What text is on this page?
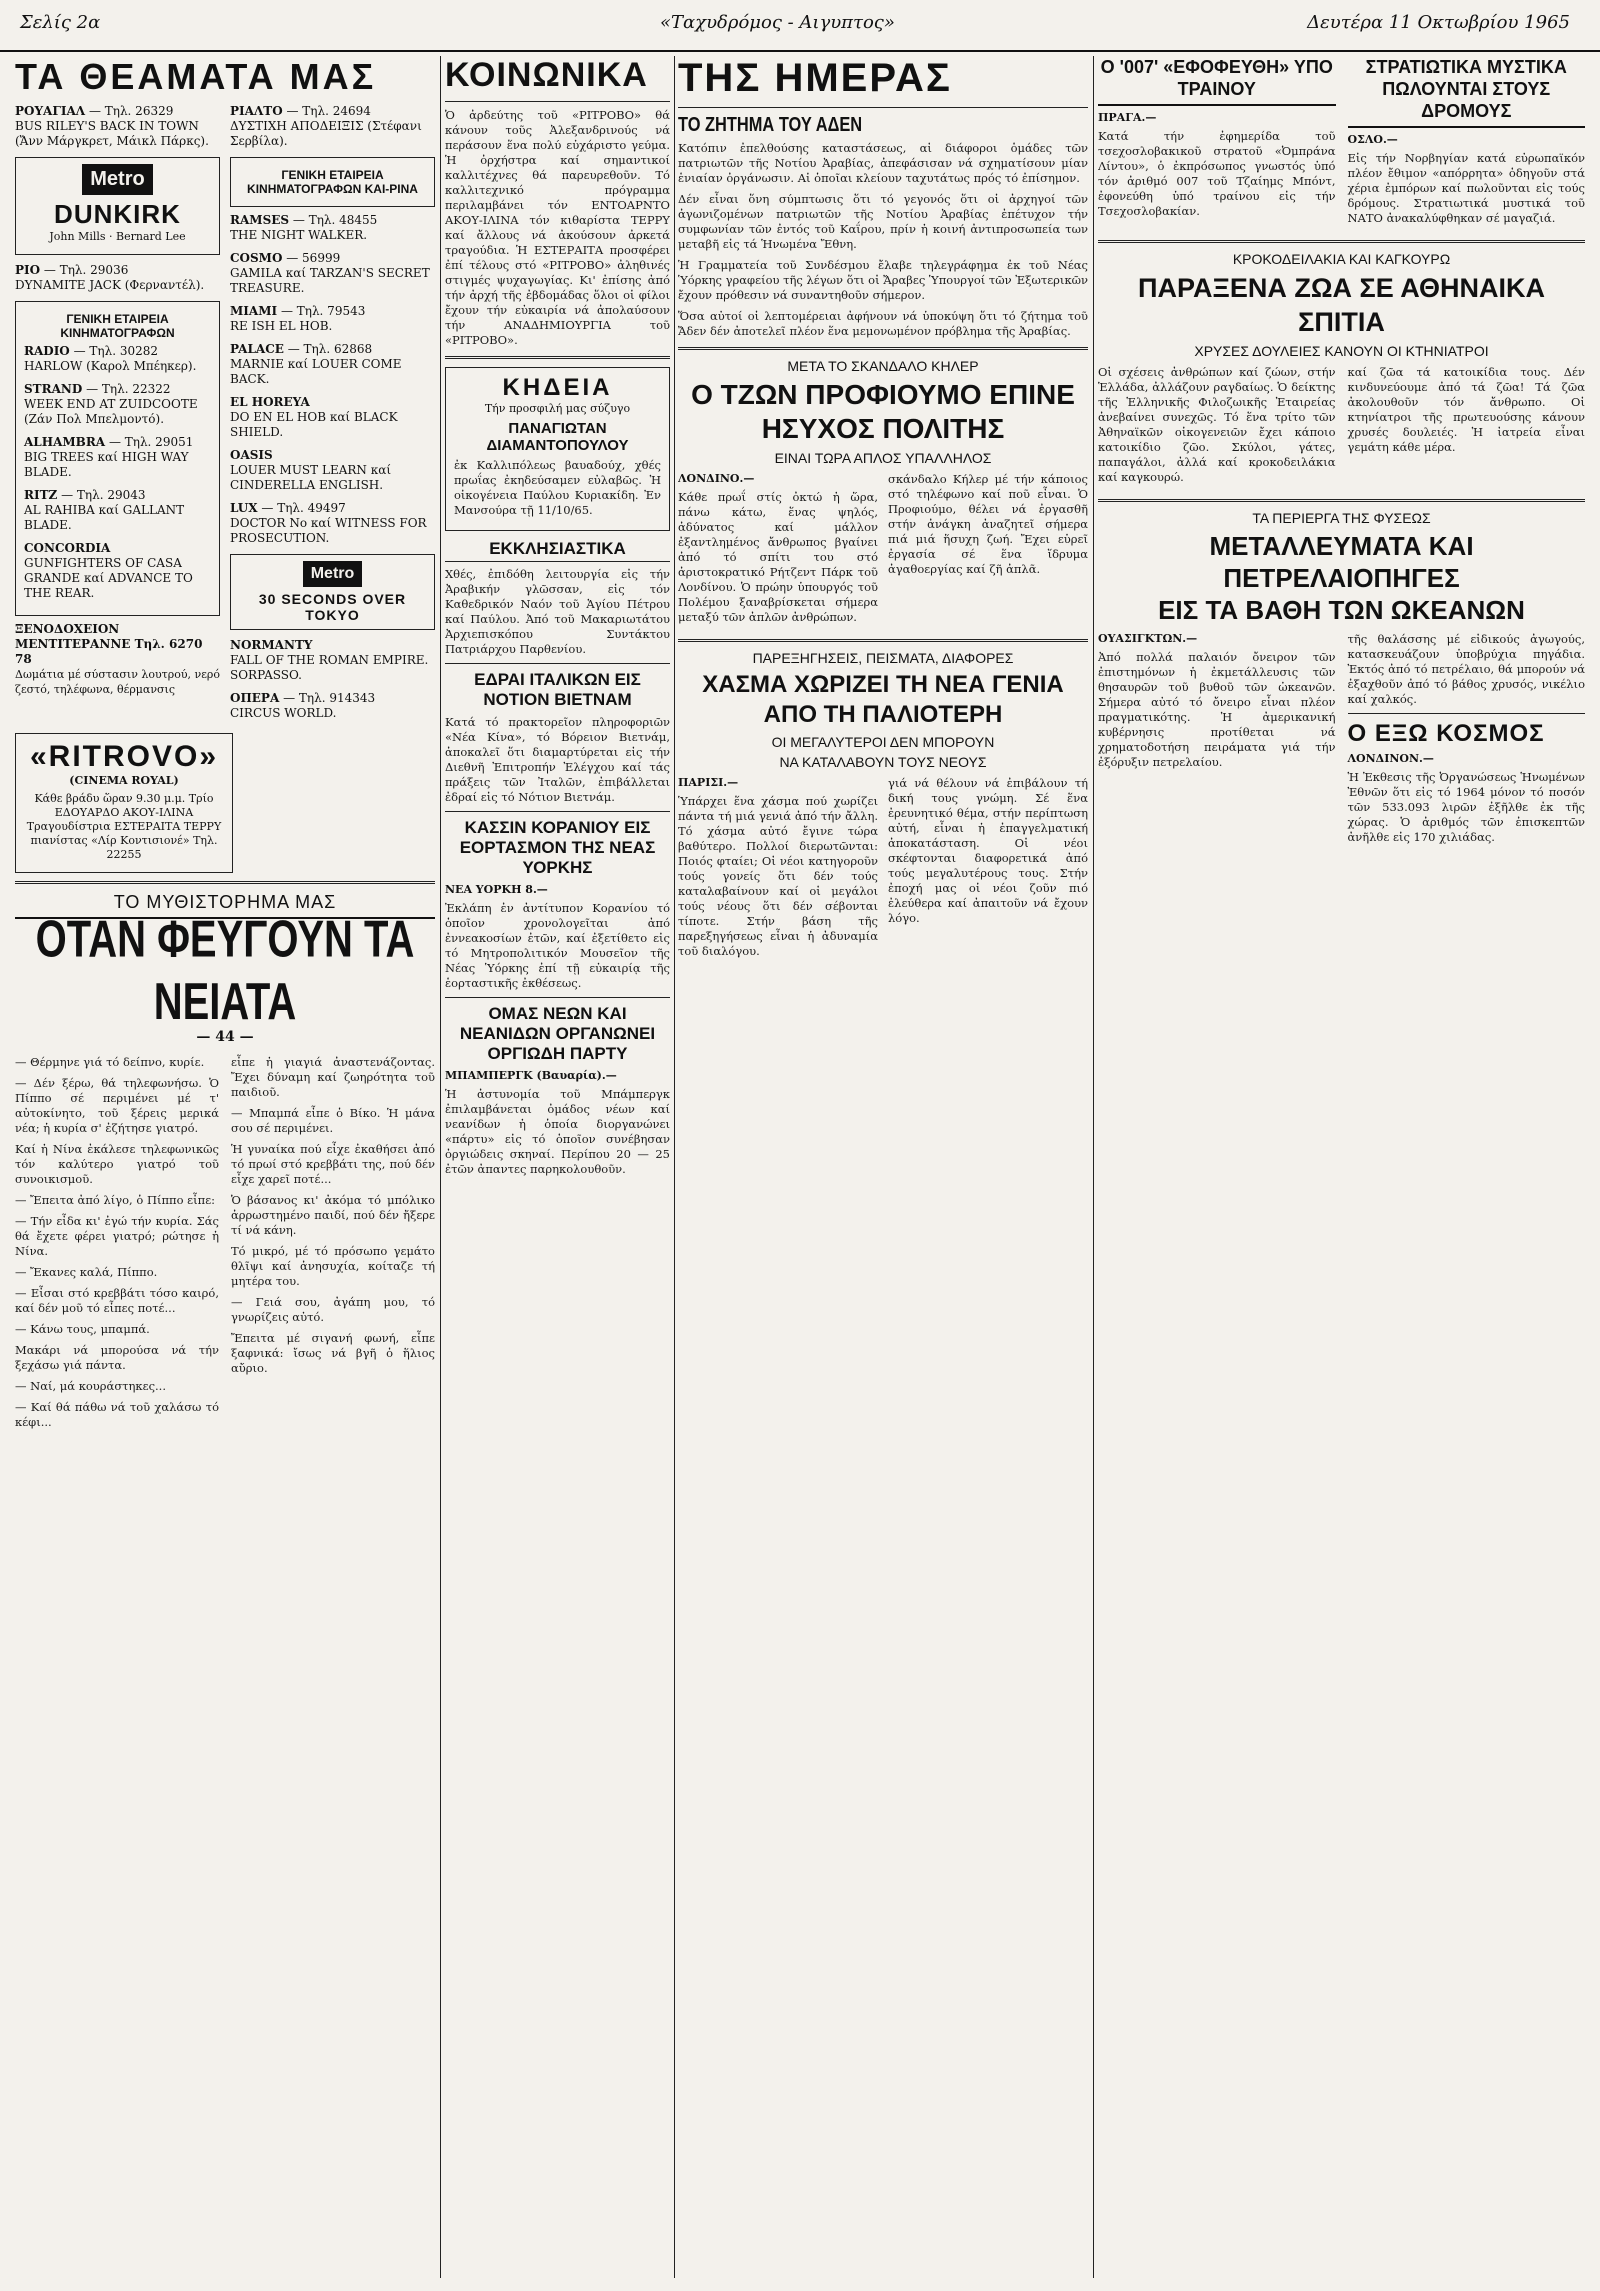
Σελίς 2α	«Ταχυδρόμος - Αιγυπτος»	Δευτέρα 11 Οκτωβρίου 1965
ΤΑ ΘΕΑΜΑΤΑ ΜΑΣ
ΡΟΥΑΓΙΑΛ — Τηλ. 26329
BUS RILEY'S BACK IN TOWN (Ἄνν Μάργκρετ, Μάικλ Πάρκς).
Metro
DUNKIRK
John Mills · Bernard Lee
ΡΙΟ — Τηλ. 29036
DYNAMITE JACK (Φερναντέλ).
ΓΕΝΙΚΗ ΕΤΑΙΡΕΙΑ ΚΙΝΗΜΑΤΟΓΡΑΦΩΝ
RADIO — Τηλ. 30282
HARLOW (Καρολ Μπέηκερ).
STRAND — Τηλ. 22322
WEEK END AT ZUIDCOOTE (Ζάν Πολ Μπελμοντό).
ALHAMBRA — Τηλ. 29051
BIG TREES καί HIGH WAY BLADE.
RITZ — Τηλ. 29043
AL RAHIBA καί GALLANT BLADE.
CONCORDIA
GUNFIGHTERS OF CASA GRANDE καί ADVANCE TO THE REAR.
ΞΕΝΟΔΟΧΕΙΟΝ ΜΕΝΤΙΤΕΡΑΝΝΕ Τηλ. 6270 78
Δωμάτια μέ σύστασιν λουτρού, νερό ζεστό, τηλέφωνα, θέρμανσις
ΡΙΑΛΤΟ — Τηλ. 24694
ΔΥΣΤΙΧΗ ΑΠΟΔΕΙΞΙΣ (Στέφανι Σερβίλα).
ΓΕΝΙΚΗ ΕΤΑΙΡΕΙΑ ΚΙΝΗΜΑΤΟΓΡΑΦΩΝ ΚΑΙ-ΡΙΝΑ
RAMSES — Τηλ. 48455
THE NIGHT WALKER.
COSMO — 56999
GAMILA καί TARZAN'S SECRET TREASURE.
MIAMI — Τηλ. 79543
RE ISH EL HOB.
PALACE — Τηλ. 62868
MARNIE καί LOUER COME BACK.
EL HOREYA
DO EN EL HOB καί BLACK SHIELD.
OASIS
LOUER MUST LEARN καί CINDERELLA ENGLISH.
LUX — Τηλ. 49497
DOCTOR No καί WITNESS FOR PROSECUTION.
Metro
30 SECONDS OVER TOKYO
NORMANTY
FALL OF THE ROMAN EMPIRE. SORPASSO.
ΟΠΕΡΑ — Τηλ. 914343
CIRCUS WORLD.
«RITROVO»
(CINEMA ROYAL)
Κάθε βράδυ ὥραν 9.30 μ.μ. Τρίο ΕΔΟΥΑΡΔΟ ΑΚΟΥ-ΙΛΙΝΑ Τραγουδίστρια ΕΣΤΕΡΑΙΤΑ ΤΕΡΡΥ πιανίστας «Λίρ Κοντισιονέ» Τηλ. 22255
ΤΟ ΜΥΘΙΣΤΟΡΗΜΑ ΜΑΣ
ΟΤΑΝ ΦΕΥΓΟΥΝ ΤΑ ΝΕΙΑΤΑ
— 44 —

— Θέρμηνε γιά τό δείπνο, κυρίε.

— Δέν ξέρω, θά τηλεφωνήσω. Ὁ Πίππο σέ περιμένει μέ τ' αὐτοκίνητο, τοῦ ξέρεις μερικά νέα; ἡ κυρία σ' ἐζήτησε γιατρό.

Καί ἡ Νίνα ἐκάλεσε τηλεφωνικῶς τόν καλύτερο γιατρό τοῦ συνοικισμοῦ.

— Ἔπειτα ἀπό λίγο, ὁ Πίππο εἶπε:

— Τήν εἶδα κι' ἐγώ τήν κυρία. Σάς θά ἔχετε φέρει γιατρό; ρώτησε ἡ Νίνα.

— Ἔκανες καλά, Πίππο.

— Εἶσαι στό κρεββάτι τόσο καιρό, καί δέν μοῦ τό εἶπες ποτέ...

— Κάνω τους, μπαμπά.

Μακάρι νά μπορούσα νά τήν ξεχάσω γιά πάντα.

— Ναί, μά κουράστηκες...

— Καί θά πάθω νά τοῦ χαλάσω τό κέφι...

εἶπε ἡ γιαγιά ἀναστενάζοντας. Ἔχει δύναμη καί ζωηρότητα τοῦ παιδιοῦ.

— Μπαμπά εἶπε ὁ Βίκο. Ἡ μάνα σου σέ περιμένει.

Ἡ γυναίκα πού εἶχε ἐκαθήσει ἀπό τό πρωί στό κρεββάτι της, πού δέν εἶχε χαρεῖ ποτέ...

Ὁ βάσανος κι' ἀκόμα τό μπόλικο ἀρρωστημένο παιδί, πού δέν ἤξερε τί νά κάνη.

Τό μικρό, μέ τό πρόσωπο γεμάτο θλῖψι καί ἀνησυχία, κοίταζε τή μητέρα του.

— Γειά σου, ἀγάπη μου, τό γνωρίζεις αὐτό.

Ἔπειτα μέ σιγανή φωνή, εἶπε ξαφνικά: ἴσως νά βγῆ ὁ ἥλιος αὔριο.

ΚΟΙΝΩΝΙΚΑ

Ὁ ἀρδεύτης τοῦ «ΡΙΤΡΟΒΟ» θά κάνουν τοῦς Ἀλεξανδρινούς νά περάσουν ἕνα πολύ εὐχάριστο γεύμα. Ἡ ὀρχήστρα καί σημαντικοί καλλιτέχνες θά παρευρεθοῦν. Τό καλλιτεχνικό πρόγραμμα περιλαμβάνει τόν ΕΝΤΟΑΡΝΤΟ ΑΚΟΥ-ΙΛΙΝΑ τόν κιθαρίστα ΤΕΡΡΥ καί ἄλλους νά ἀκούσουν ἀρκετά τραγούδια. Ἡ ΕΣΤΕΡΑΙΤΑ προσφέρει ἐπί τέλους στό «ΡΙΤΡΟΒΟ» ἀληθινές στιγμές ψυχαγωγίας. Κι' ἐπίσης ἀπό τήν ἀρχή τῆς ἐβδομάδας ὅλοι οἱ φίλοι ἔχουν τήν εὐκαιρία νά ἀπολαύσουν τήν ΑΝΑΔΗΜΙΟΥΡΓΙΑ τοῦ «ΡΙΤΡΟΒΟ».

ΚΗΔΕΙΑ
Τήν προσφιλή μας σύζυγο
ΠΑΝΑΓΙΩΤΑΝ ΔΙΑΜΑΝΤΟΠΟΥΛΟΥ

ἐκ Καλλιπόλεως βαυαδούχ, χθές πρωΐας ἐκηδεύσαμεν εὐλαβῶς. Ἡ οἰκογένεια Παύλου Κυριακίδη. Ἐν Μανσούρα τῇ 11/10/65.

ΕΚΚΛΗΣΙΑΣΤΙΚΑ

Χθές, ἐπιδόθη λειτουργία εἰς τήν Ἀραβικήν γλῶσσαν, εἰς τόν Καθεδρικόν Ναόν τοῦ Ἁγίου Πέτρου καί Παύλου. Ἀπό τοῦ Μακαριωτάτου Ἀρχιεπισκόπου Συντάκτου Πατριάρχου Παρθενίου.

ΕΔΡΑΙ ΙΤΑΛΙΚΩΝ ΕΙΣ ΝΟΤΙΟΝ ΒΙΕΤΝΑΜ

Κατά τό πρακτορεῖον πληροφοριῶν «Νέα Κίνα», τό Βόρειον Βιετνάμ, ἀποκαλεῖ ὅτι διαμαρτύρεται εἰς τήν Διεθνῆ Ἐπιτροπήν Ἐλέγχου καί τάς πράξεις τῶν Ἰταλῶν, ἐπιβάλλεται ἐδραί εἰς τό Νότιον Βιετνάμ.

ΚΑΣΣΙΝ ΚΟΡΑΝΙΟΥ ΕΙΣ ΕΟΡΤΑΣΜΟΝ ΤΗΣ ΝΕΑΣ ΥΟΡΚΗΣ
ΝΕΑ ΥΟΡΚΗ 8.—

Ἐκλάπη ἐν ἀντίτυπον Κορανίου τό ὁποῖον χρονολογεῖται ἀπό ἐννεακοσίων ἐτῶν, καί ἐξετίθετο εἰς τό Μητροπολιτικόν Μουσεῖον τῆς Νέας Ὑόρκης ἐπί τῇ εὐκαιρίᾳ τῆς ἑορταστικῆς ἐκθέσεως.

ΟΜΑΣ ΝΕΩΝ ΚΑΙ ΝΕΑΝΙΔΩΝ ΟΡΓΑΝΩΝΕΙ ΟΡΓΙΩΔΗ ΠΑΡΤΥ
ΜΠΑΜΠΕΡΓΚ (Βαυαρία).—

Ἡ ἀστυνομία τοῦ Μπάμπεργκ ἐπιλαμβάνεται ὀμάδος νέων καί νεανίδων ἡ ὁποία διοργανώνει «πάρτυ» εἰς τό ὁποῖον συνέβησαν ὀργιώδεις σκηναί. Περίπου 20 — 25 ἐτῶν ἀπαντες παρηκολουθοῦν.

ΤΗΣ ΗΜΕΡΑΣ
ΤΟ ΖΗΤΗΜΑ ΤΟΥ ΑΔΕΝ

Κατόπιν ἐπελθούσης καταστάσεως, αἱ διάφοροι ὁμάδες τῶν πατριωτῶν τῆς Νοτίου Ἀραβίας, ἀπεφάσισαν νά σχηματίσουν μίαν ἑνιαίαν ὀργάνωσιν. Αἱ ὁποῖαι κλείουν ταχυτάτως πρός τό ἐπίσημον.

Δέν εἶναι ὅνη σύμπτωσις ὅτι τό γεγονός ὅτι οἱ ἀρχηγοί τῶν ἀγωνιζομένων πατριωτῶν τῆς Νοτίου Ἀραβίας ἐπέτυχον τήν συμφωνίαν τῶν ἐντός τοῦ Καΐρου, πρίν ἡ κοινή ἀντιπροσωπεία των μεταβῆ εἰς τά Ἡνωμένα Ἔθνη.

Ἡ Γραμματεία τοῦ Συνδέσμου ἔλαβε τηλεγράφημα ἐκ τοῦ Νέας Ὑόρκης γραφείου τῆς λέγων ὅτι οἱ Ἄραβες Ὑπουργοί τῶν Ἐξωτερικῶν ἔχουν πρόθεσιν νά συναντηθοῦν σήμερον.

Ὅσα αὐτοί οἱ λεπτομέρειαι ἀφήνουν νά ὑποκύψη ὅτι τό ζήτημα τοῦ Ἄδεν δέν ἀποτελεῖ πλέον ἕνα μεμονωμένον πρόβλημα τῆς Ἀραβίας.

ΜΕΤΑ ΤΟ ΣΚΑΝΔΑΛΟ ΚΗΛΕΡ
Ο ΤΖΩΝ ΠΡΟΦΙΟΥΜΟ ΕΠΙΝΕ ΗΣΥΧΟΣ ΠΟΛΙΤΗΣ
ΕΙΝΑΙ ΤΩΡΑ ΑΠΛΟΣ ΥΠΑΛΛΗΛΟΣ
ΛΟΝΔΙΝΟ.—

Κάθε πρωΐ στίς ὀκτώ ἡ ὥρα, πάνω κάτω, ἕνας ψηλός, ἀδύνατος καί μάλλον ἐξαντλημένος ἄνθρωπος βγαίνει ἀπό τό σπίτι του στό ἀριστοκρατικό Ρήτζεντ Πάρκ τοῦ Λονδίνου. Ὁ πρώην ὑπουργός τοῦ Πολέμου ξαναβρίσκεται σήμερα μεταξύ τῶν ἀπλῶν ἀνθρώπων.

σκάνδαλο Κήλερ μέ τήν κάποιος στό τηλέφωνο καί ποῦ εἶναι. Ὁ Προφιούμο, θέλει νά ἐργασθῆ στήν ἀνάγκη ἀναζητεῖ σήμερα πιά μιά ἥσυχη ζωή. Ἔχει εὑρεῖ ἐργασία σέ ἕνα ἵδρυμα ἀγαθοεργίας καί ζῆ ἀπλᾶ.

ΠΑΡΕΞΗΓΗΣΕΙΣ, ΠΕΙΣΜΑΤΑ, ΔΙΑΦΟΡΕΣ
ΧΑΣΜΑ ΧΩΡΙΖΕΙ ΤΗ ΝΕΑ ΓΕΝΙΑ ΑΠΟ ΤΗ ΠΑΛΙΟΤΕΡΗ
ΟΙ ΜΕΓΑΛΥΤΕΡΟΙ ΔΕΝ ΜΠΟΡΟΥΝ
ΝΑ ΚΑΤΑΛΑΒΟΥΝ ΤΟΥΣ ΝΕΟΥΣ
ΠΑΡΙΣΙ.—

Ὑπάρχει ἕνα χάσμα πού χωρίζει πάντα τή μιά γενιά ἀπό τήν ἄλλη. Τό χάσμα αὐτό ἔγινε τώρα βαθύτερο. Πολλοί διερωτῶνται: Ποιός φταίει; Οἱ νέοι κατηγοροῦν τούς γονείς ὅτι δέν τούς καταλαβαίνουν καί οἱ μεγάλοι τούς νέους ὅτι δέν σέβονται τίποτε. Στήν βάση τῆς παρεξηγήσεως εἶναι ἡ ἀδυναμία τοῦ διαλόγου.

γιά νά θέλουν νά ἐπιβάλουν τή δική τους γνώμη. Σέ ἕνα ἐρευνητικό θέμα, στήν περίπτωση αὐτή, εἶναι ἡ ἐπαγγελματική ἀποκατάσταση. Οἱ νέοι σκέφτονται διαφορετικά ἀπό τούς μεγαλυτέρους τους. Στήν ἐποχή μας οἱ νέοι ζοῦν πιό ἐλεύθερα καί ἀπαιτοῦν νά ἔχουν λόγο.

Ο '007' «ΕΦΟΦΕΥΘΗ» ΥΠΟ ΤΡΑΙΝΟΥ
ΠΡΑΓΑ.—

Κατά τήν ἐφημερίδα τοῦ τσεχοσλοβακικοῦ στρατοῦ «Ὀμπράνα Λίντου», ὁ ἐκπρόσωπος γνωστός ὑπό τόν ἀριθμό 007 τοῦ Τζαίημς Μπόντ, ἐφονεύθη ὑπό τραίνου εἰς τήν Τσεχοσλοβακίαν.

ΣΤΡΑΤΙΩΤΙΚΑ ΜΥΣΤΙΚΑ ΠΩΛΟΥΝΤΑΙ ΣΤΟΥΣ ΔΡΟΜΟΥΣ
ΟΣΛΟ.—

Εἰς τήν Νορβηγίαν κατά εὐρωπαϊκόν πλέον ἔθιμον «απόρρητα» ὁδηγοῦν στά χέρια ἐμπόρων καί πωλοῦνται εἰς τούς δρόμους. Στρατιωτικά μυστικά τοῦ ΝΑΤΟ ἀνακαλύφθηκαν σέ μαγαζιά.

ΚΡΟΚΟΔΕΙΛΑΚΙΑ ΚΑΙ ΚΑΓΚΟΥΡΩ
ΠΑΡΑΞΕΝΑ ΖΩΑ ΣΕ ΑΘΗΝΑΙΚΑ ΣΠΙΤΙΑ
ΧΡΥΣΕΣ ΔΟΥΛΕΙΕΣ ΚΑΝΟΥΝ ΟΙ ΚΤΗΝΙΑΤΡΟΙ

Οἱ σχέσεις ἀνθρώπων καί ζώων, στήν Ἑλλάδα, ἀλλάζουν ραγδαίως. Ὁ δείκτης τῆς Ἑλληνικῆς Φιλοζωικῆς Ἑταιρείας ἀνεβαίνει συνεχῶς. Τό ἕνα τρίτο τῶν Ἀθηναϊκῶν οἰκογενειῶν ἔχει κάποιο κατοικίδιο ζῶο. Σκύλοι, γάτες, παπαγάλοι, ἀλλά καί κροκοδειλάκια καί καγκουρώ.

καί ζῶα τά κατοικίδια τους. Δέν κινδυνεύουμε ἀπό τά ζῶα! Τά ζῶα ἀκολουθοῦν τόν ἄνθρωπο. Οἱ κτηνίατροι τῆς πρωτευούσης κάνουν χρυσές δουλειές. Ἡ ἰατρεία εἶναι γεμάτη κάθε μέρα.

ΤΑ ΠΕΡΙΕΡΓΑ ΤΗΣ ΦΥΣΕΩΣ
ΜΕΤΑΛΛΕΥΜΑΤΑ ΚΑΙ ΠΕΤΡΕΛΑΙΟΠΗΓΕΣ
ΕΙΣ ΤΑ ΒΑΘΗ ΤΩΝ ΩΚΕΑΝΩΝ
ΟΥΑΣΙΓΚΤΩΝ.—

Ἀπό πολλά παλαιόν ὄνειρον τῶν ἐπιστημόνων ἡ ἐκμετάλλευσις τῶν θησαυρῶν τοῦ βυθοῦ τῶν ὠκεανῶν. Σήμερα αὐτό τό ὄνειρο εἶναι πλέον πραγματικότης. Ἡ ἀμερικανική κυβέρνησις προτίθεται νά χρηματοδοτήση πειράματα γιά τήν ἐξόρυξιν πετρελαίου.

τῆς θαλάσσης μέ εἰδικούς ἀγωγούς, κατασκευάζουν ὑποβρύχια πηγάδια. Ἐκτός ἀπό τό πετρέλαιο, θά μπορούν νά ἐξαχθοῦν ἀπό τό βάθος χρυσός, νικέλιο καί χαλκός.

Ο ΕΞΩ ΚΟΣΜΟΣ
ΛΟΝΔΙΝΟΝ.—

Ἡ Ἐκθεσις τῆς Ὀργανώσεως Ἡνωμένων Ἐθνῶν ὅτι εἰς τό 1964 μόνον τό ποσόν τῶν 533.093 λιρῶν ἐξῆλθε ἐκ τῆς χώρας. Ὁ ἀριθμός τῶν ἐπισκεπτῶν ἀνῆλθε εἰς 170 χιλιάδας.
